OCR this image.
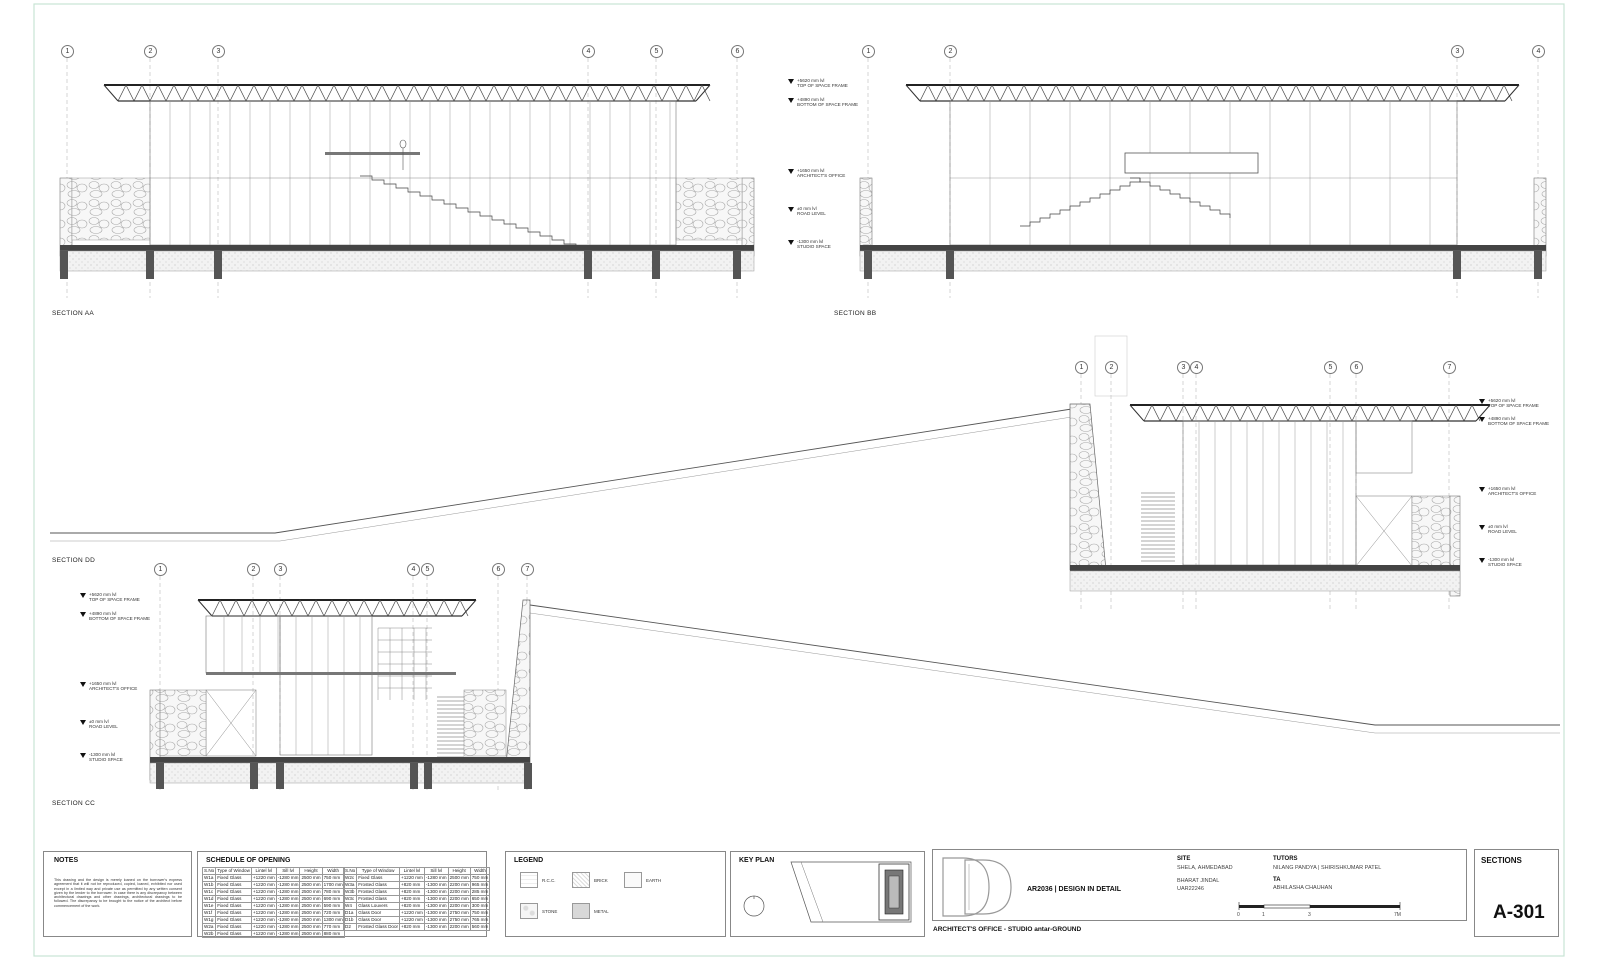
SECTION AA	SECTION BB
SECTION DD
SECTION CC
1	2	3	4	5	6	1	2	3	4
1	2	3	4	5	6	7
1	2	3	4	5	6	7
+5620 mm lvl
TOP OF SPACE FRAME
+4890 mm lvl
BOTTOM OF SPACE FRAME
+1650 mm lvl
ARCHITECT'S OFFICE
±0 mm lvl
ROAD LEVEL
-1300 mm lvl
STUDIO SPACE
+5620 mm lvl
TOP OF SPACE FRAME
+4890 mm lvl
BOTTOM OF SPACE FRAME
+1650 mm lvl
ARCHITECT'S OFFICE
±0 mm lvl
ROAD LEVEL
-1300 mm lvl
STUDIO SPACE
+5620 mm lvl
TOP OF SPACE FRAME
+4890 mm lvl
BOTTOM OF SPACE FRAME
+1650 mm lvl
ARCHITECT'S OFFICE
±0 mm lvl
ROAD LEVEL
-1300 mm lvl
STUDIO SPACE
NOTES
This drawing and the design is merely loaned on the borrower's express agreement that it will not be reproduced, copied, loaned, exhibited nor used except in a limited way and private use as permitted by any written consent given by the lender to the borrower. In case there is any discrepancy between architectural drawings and other drawings, architectural drawings to be followed. The discrepancy to be brought to the notice of the architect before commencement of the work.
SCHEDULE OF OPENING
S.No	Type of Window	Lintel lvl	Sill lvl	Height	Width
W1a	Fixed Glass	+1220 mm	-1280 mm	2500 mm	750 mm
W1b	Fixed Glass	+1220 mm	-1280 mm	2500 mm	1700 mm
W1c	Fixed Glass	+1220 mm	-1280 mm	2500 mm	780 mm
W1d	Fixed Glass	+1220 mm	-1280 mm	2500 mm	690 mm
W1e	Fixed Glass	+1220 mm	-1280 mm	2500 mm	590 mm
W1f	Fixed Glass	+1220 mm	-1280 mm	2500 mm	720 mm
W1g	Fixed Glass	+1220 mm	-1280 mm	2500 mm	1300 mm
W2a	Fixed Glass	+1220 mm	-1280 mm	2500 mm	770 mm
W2b	Fixed Glass	+1220 mm	-1280 mm	2500 mm	880 mm
S.No	Type of Window	Lintel lvl	Sill lvl	Height	Width
W2c	Fixed Glass	+1220 mm	-1280 mm	2500 mm	750 mm
W3a	Frosted Glass	+820 mm	-1300 mm	2200 mm	965 mm
W3b	Frosted Glass	+820 mm	-1300 mm	2200 mm	285 mm
W3c	Frosted Glass	+820 mm	-1300 mm	2200 mm	650 mm
W4	Glass Louvers	+820 mm	-1300 mm	2200 mm	300 mm
D1a	Glass Door	+1220 mm	-1300 mm	2750 mm	750 mm
D1b	Glass Door	+1220 mm	-1300 mm	2750 mm	765 mm
D2	Frosted Glass Door	+820 mm	-1300 mm	2200 mm	560 mm
LEGEND
R.C.C.	BRICK	EARTH
STONE	METAL
KEY PLAN
AR2036 | DESIGN IN DETAIL
SITE
SHELA, AHMEDABAD
BHARAT JINDAL
UAR22246
TUTORS
NILANG PANDYA | SHIRISHKUMAR PATEL
TA
ABHILASHA CHAUHAN
0	1	3	7M
ARCHITECT'S OFFICE - STUDIO antar-GROUND
SECTIONS
A-301
